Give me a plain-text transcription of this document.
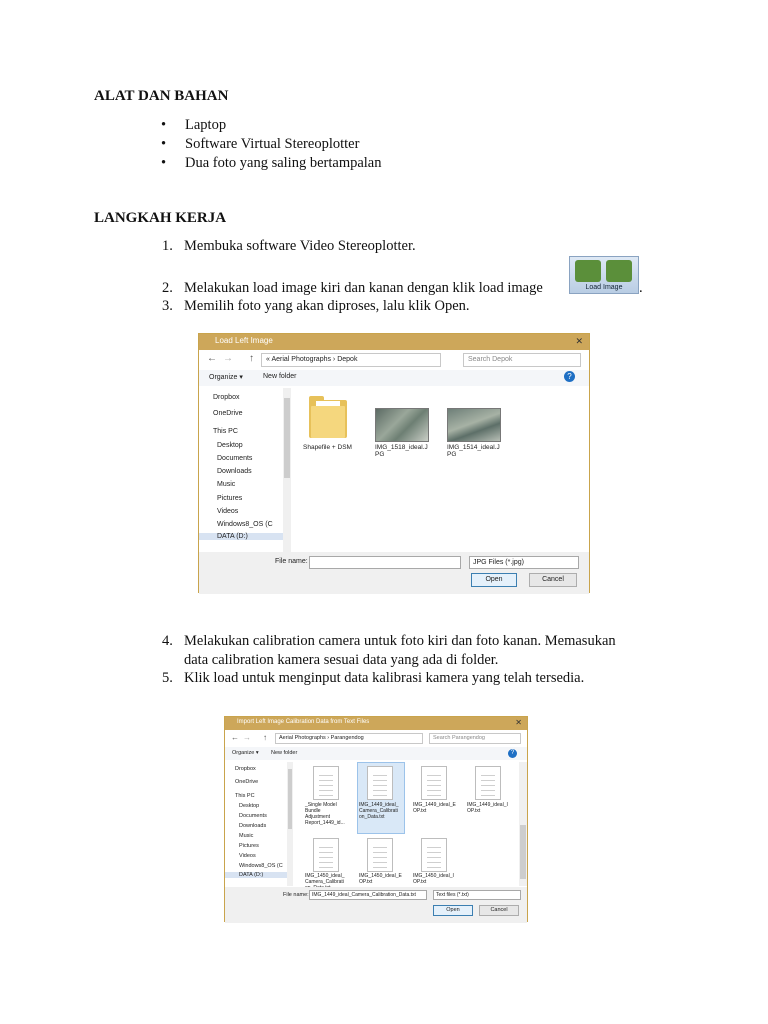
ALAT DAN BAHAN
• Laptop
• Software Virtual Stereoplotter
• Dua foto yang saling bertampalan
LANGKAH KERJA
1. Membuka software Video Stereoplotter.
2. Melakukan load image kiri dan kanan dengan klik load image	Load Image	.
3. Memilih foto yang akan diproses, lalu klik Open.
Load Left Image	✕
← → ↑	« Aerial Photographs › Depok	Search Depok
Organize ▾	New folder	?
Dropbox
OneDrive
This PC
Desktop
Documents
Downloads
Music
Pictures
Videos
Windows8_OS (C
DATA (D:)
Shapefile + DSM	IMG_1518_ideal.J
PG
IMG_1514_ideal.J
PG
File name:	JPG Files (*.jpg)
Open	Cancel
4. Melakukan calibration camera untuk foto kiri dan foto kanan. Memasukan
data calibration kamera sesuai data yang ada di folder.
5. Klik load untuk menginput data kalibrasi kamera yang telah tersedia.
Import Left Image Calibration Data from Text Files	✕
← → ↑	Aerial Photographs › Parangendog	Search Parangendog
Organize ▾ New folder	?
Dropbox
OneDrive
This PC
Desktop
Documents
Downloads
Music
Pictures
Videos
Windows8_OS (C
DATA (D:)
_Single Model
Bundle
Adjustment
Report_1449_id...
IMG_1449_ideal_
Camera_Calibrati
on_Data.txt
IMG_1449_ideal_E
OP.txt
IMG_1449_ideal_I
OP.txt
IMG_1450_ideal_
Camera_Calibrati

IMG_1450_ideal_E
OP.txt
IMG_1450_ideal_I
OP.txt
File name: IMG_1449_ideal_Camera_Calibration_Data.txt	Text files (*.txt)
Open	Cancel
